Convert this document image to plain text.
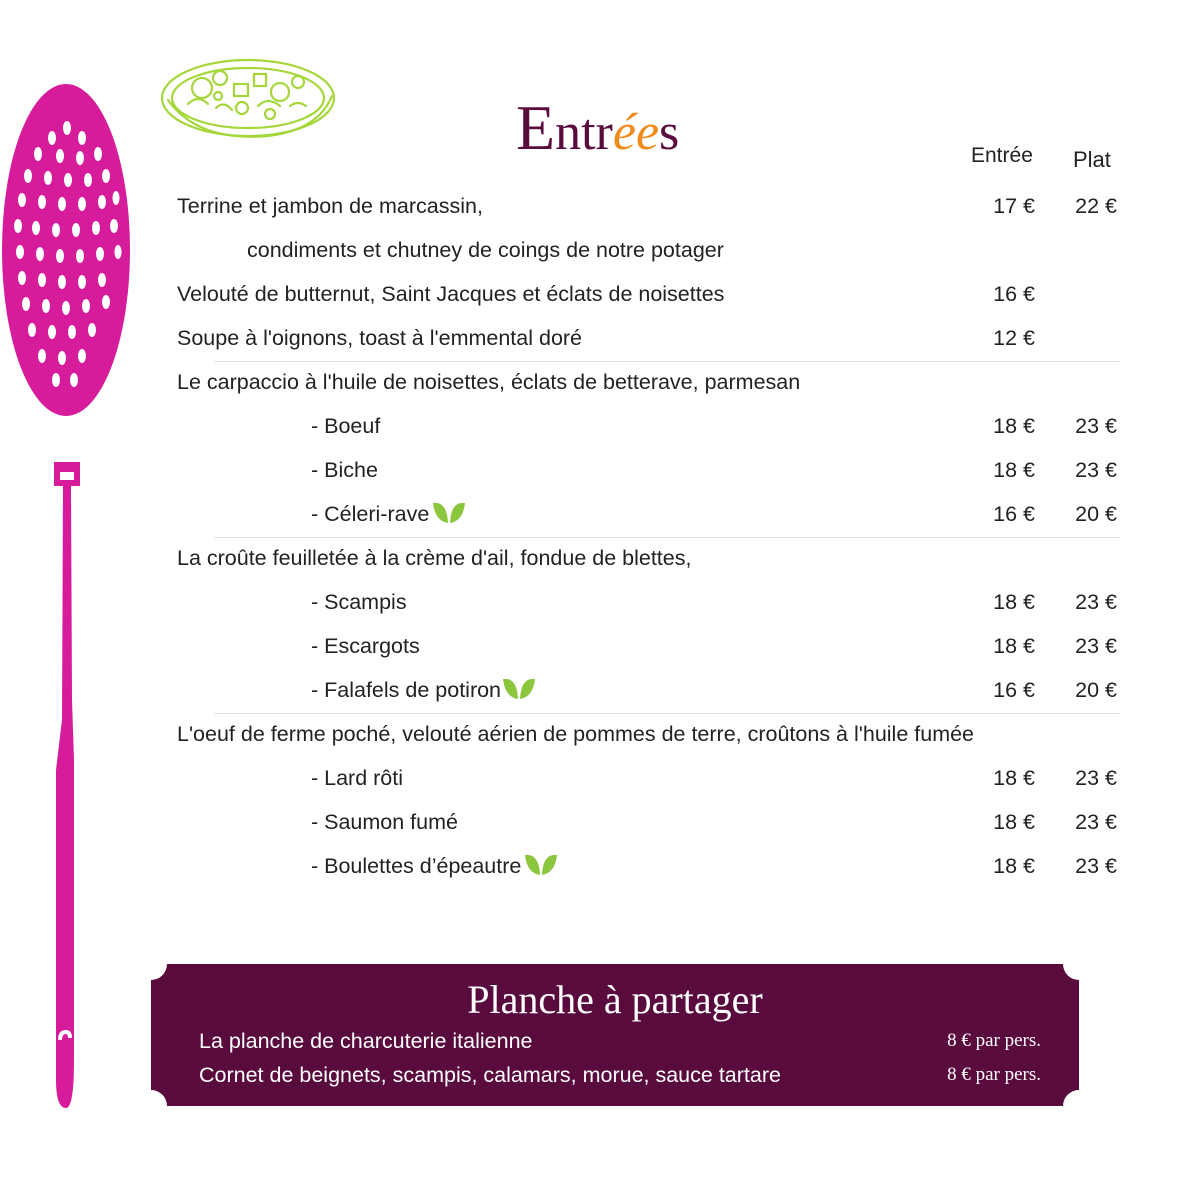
Entrées	Entrée Plat
Terrine et jambon de marcassin,	17 € 22 €
condiments et chutney de coings de notre potager
Velouté de butternut, Saint Jacques et éclats de noisettes	16 €
Soupe à l'oignons, toast à l'emmental doré	12 €
Le carpaccio à l'huile de noisettes, éclats de betterave, parmesan
- Boeuf	18 € 23 €
- Biche	18 € 23 €
- Céleri-rave	16 € 20 €
La croûte feuilletée à la crème d'ail, fondue de blettes,
- Scampis	18 € 23 €
- Escargots	18 € 23 €
- Falafels de potiron	16 € 20 €
L'oeuf de ferme poché, velouté aérien de pommes de terre, croûtons à l'huile fumée
- Lard rôti	18 € 23 €
- Saumon fumé	18 € 23 €
- Boulettes d’épeautre	18 € 23 €
Planche à partager
La planche de charcuterie italienne	8 € par pers.
Cornet de beignets, scampis, calamars, morue, sauce tartare	8 € par pers.
